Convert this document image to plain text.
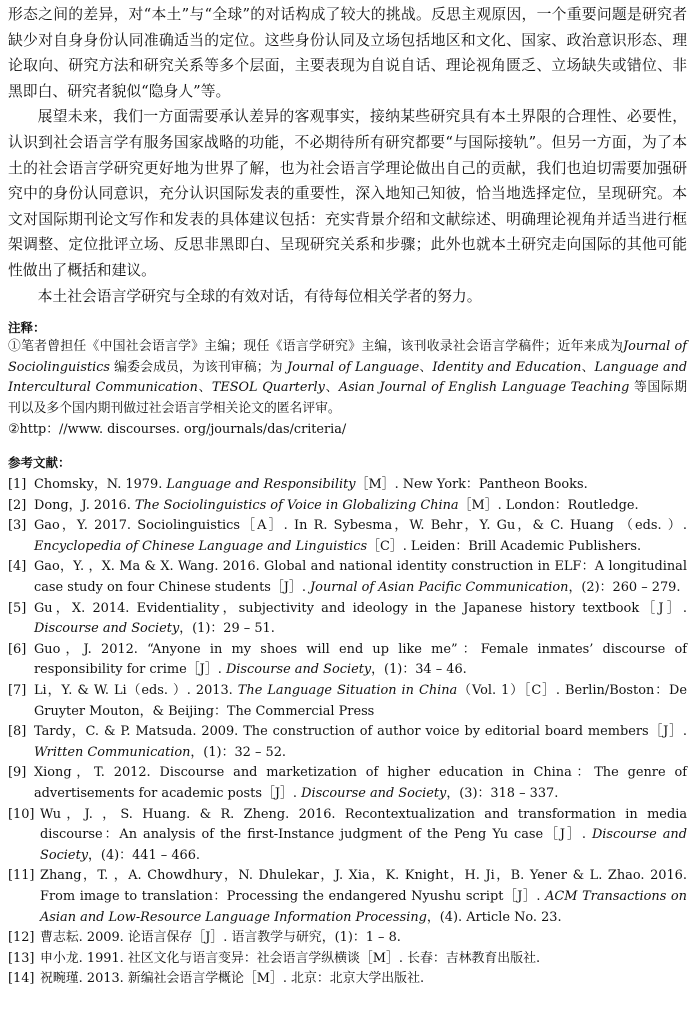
形态之间的差异，对“本土”与“全球”的对话构成了较大的挑战。反思主观原因，一个重要问题是研究者缺少对自身身份认同准确适当的定位。这些身份认同及立场包括地区和文化、国家、政治意识形态、理论取向、研究方法和研究关系等多个层面，主要表现为自说自话、理论视角匮乏、立场缺失或错位、非黑即白、研究者貌似“隐身人”等。

展望未来，我们一方面需要承认差异的客观事实，接纳某些研究具有本土界限的合理性、必要性，认识到社会语言学有服务国家战略的功能，不必期待所有研究都要“与国际接轨”。但另一方面，为了本土的社会语言学研究更好地为世界了解，也为社会语言学理论做出自己的贡献，我们也迫切需要加强研究中的身份认同意识，充分认识国际发表的重要性，深入地知己知彼，恰当地选择定位，呈现研究。本文对国际期刊论文写作和发表的具体建议包括：充实背景介绍和文献综述、明确理论视角并适当进行框架调整、定位批评立场、反思非黑即白、呈现研究关系和步骤；此外也就本土研究走向国际的其他可能性做出了概括和建议。

本土社会语言学研究与全球的有效对话，有待每位相关学者的努力。

注释：

①笔者曾担任《中国社会语言学》主编；现任《语言学研究》主编，该刊收录社会语言学稿件；近年来成为Journal of Sociolinguistics 编委会成员，为该刊审稿；为 Journal of Language、Identity and Education、Language and Intercultural Communication、TESOL Quarterly、Asian Journal of English Language Teaching 等国际期刊以及多个国内期刊做过社会语言学相关论文的匿名评审。

②http：//www. discourses. org/journals/das/criteria/

参考文献：

[1] Chomsky，N. 1979. Language and Responsibility［M］. New York：Pantheon Books.

[2] Dong，J. 2016. The Sociolinguistics of Voice in Globalizing China［M］. London：Routledge.

[3] Gao，Y. 2017. Sociolinguistics［A］. In R. Sybesma，W. Behr，Y. Gu，& C. Huang （eds. ）. Encyclopedia of Chinese Language and Linguistics［C］. Leiden：Brill Academic Publishers.

[4] Gao，Y. ，X. Ma & X. Wang. 2016. Global and national identity construction in ELF：A longitudinal case study on four Chinese students［J］. Journal of Asian Pacific Communication，(2)：260 – 279.

[5] Gu，X. 2014. Evidentiality，subjectivity and ideology in the Japanese history textbook［J］. Discourse and Society，(1)：29 – 51.

[6] Guo，J. 2012. “Anyone in my shoes will end up like me”：Female inmates’ discourse of responsibility for crime［J］. Discourse and Society，(1)：34 – 46.

[7] Li，Y. & W. Li（eds. ）. 2013. The Language Situation in China（Vol. 1）［C］. Berlin/Boston：De Gruyter Mouton，& Beijing：The Commercial Press

[8] Tardy，C. & P. Matsuda. 2009. The construction of author voice by editorial board members［J］. Written Communication，(1)：32 – 52.

[9] Xiong，T. 2012. Discourse and marketization of higher education in China：The genre of advertisements for academic posts［J］. Discourse and Society，(3)：318 – 337.

[10] Wu，J. ，S. Huang. & R. Zheng. 2016. Recontextualization and transformation in media discourse：An analysis of the first-Instance judgment of the Peng Yu case［J］. Discourse and Society，(4)：441 – 466.

[11] Zhang，T. ，A. Chowdhury，N. Dhulekar，J. Xia，K. Knight，H. Ji，B. Yener & L. Zhao. 2016. From image to translation：Processing the endangered Nyushu script［J］. ACM Transactions on Asian and Low-Resource Language Information Processing，(4). Article No. 23.

[12] 曹志耘. 2009. 论语言保存［J］. 语言教学与研究，(1)：1 – 8.

[13] 申小龙. 1991. 社区文化与语言变异：社会语言学纵横谈［M］. 长春：吉林教育出版社.

[14] 祝畹瑾. 2013. 新编社会语言学概论［M］. 北京：北京大学出版社.
